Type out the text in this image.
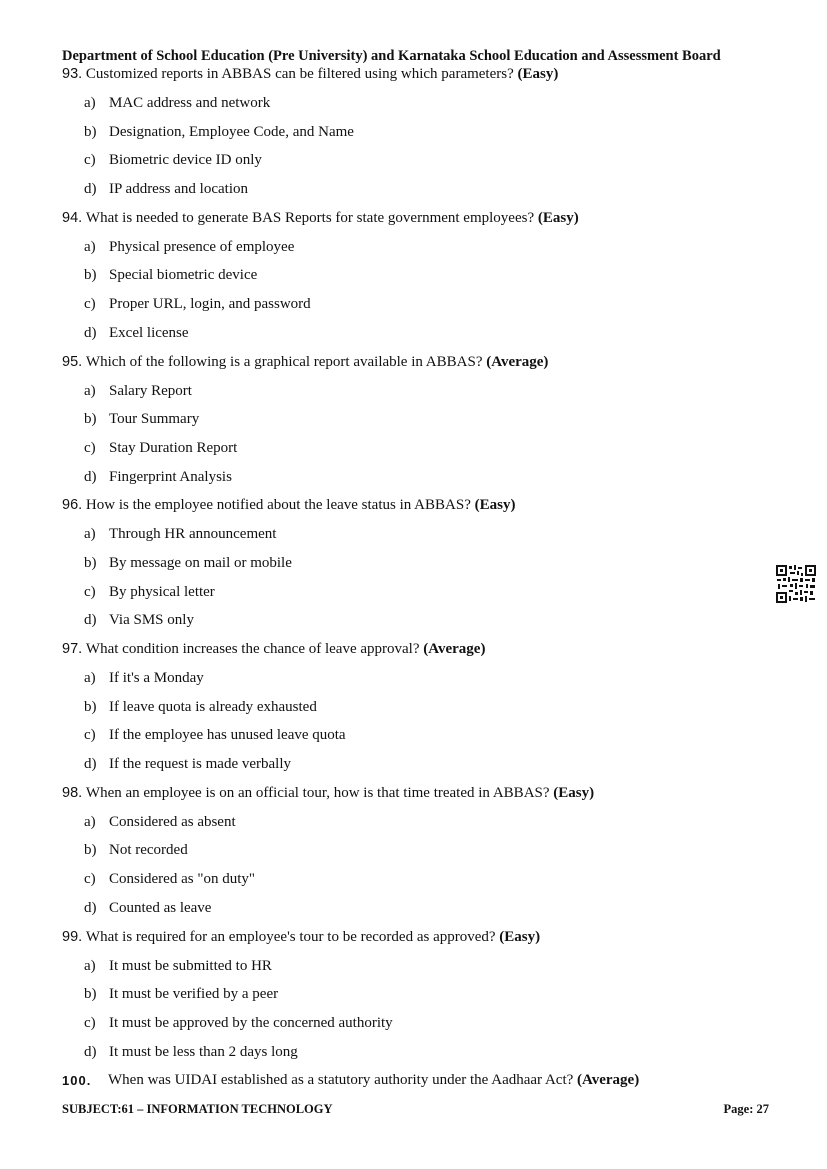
Department of School Education (Pre University) and Karnataka School Education and Assessment Board
93.
Customized reports in ABBAS can be filtered using which parameters?
(Easy)
a) MAC address and network
b) Designation, Employee Code, and Name
c) Biometric device ID only
d) IP address and location
94.
What is needed to generate BAS Reports for state government employees?
(Easy)
a) Physical presence of employee
b) Special biometric device
c) Proper URL, login, and password
d) Excel license
95.
Which of the following is a graphical report available in ABBAS?
(Average)
a) Salary Report
b) Tour Summary
c) Stay Duration Report
d) Fingerprint Analysis
96.
How is the employee notified about the leave status in ABBAS?
(Easy)
a) Through HR announcement
b) By message on mail or mobile
c) By physical letter
d) Via SMS only
97.
What condition increases the chance of leave approval?
(Average)
a) If it's a Monday
b) If leave quota is already exhausted
c) If the employee has unused leave quota
d) If the request is made verbally
98.
When an employee is on an official tour, how is that time treated in ABBAS?
(Easy)
a) Considered as absent
b) Not recorded
c) Considered as "on duty"
d) Counted as leave
99.
What is required for an employee's tour to be recorded as approved?
(Easy)
a) It must be submitted to HR
b) It must be verified by a peer
c) It must be approved by the concerned authority
d) It must be less than 2 days long
100.	When was UIDAI established as a statutory authority under the Aadhaar Act?
(Average)
SUBJECT:61 – INFORMATION TECHNOLOGY	Page: 27
